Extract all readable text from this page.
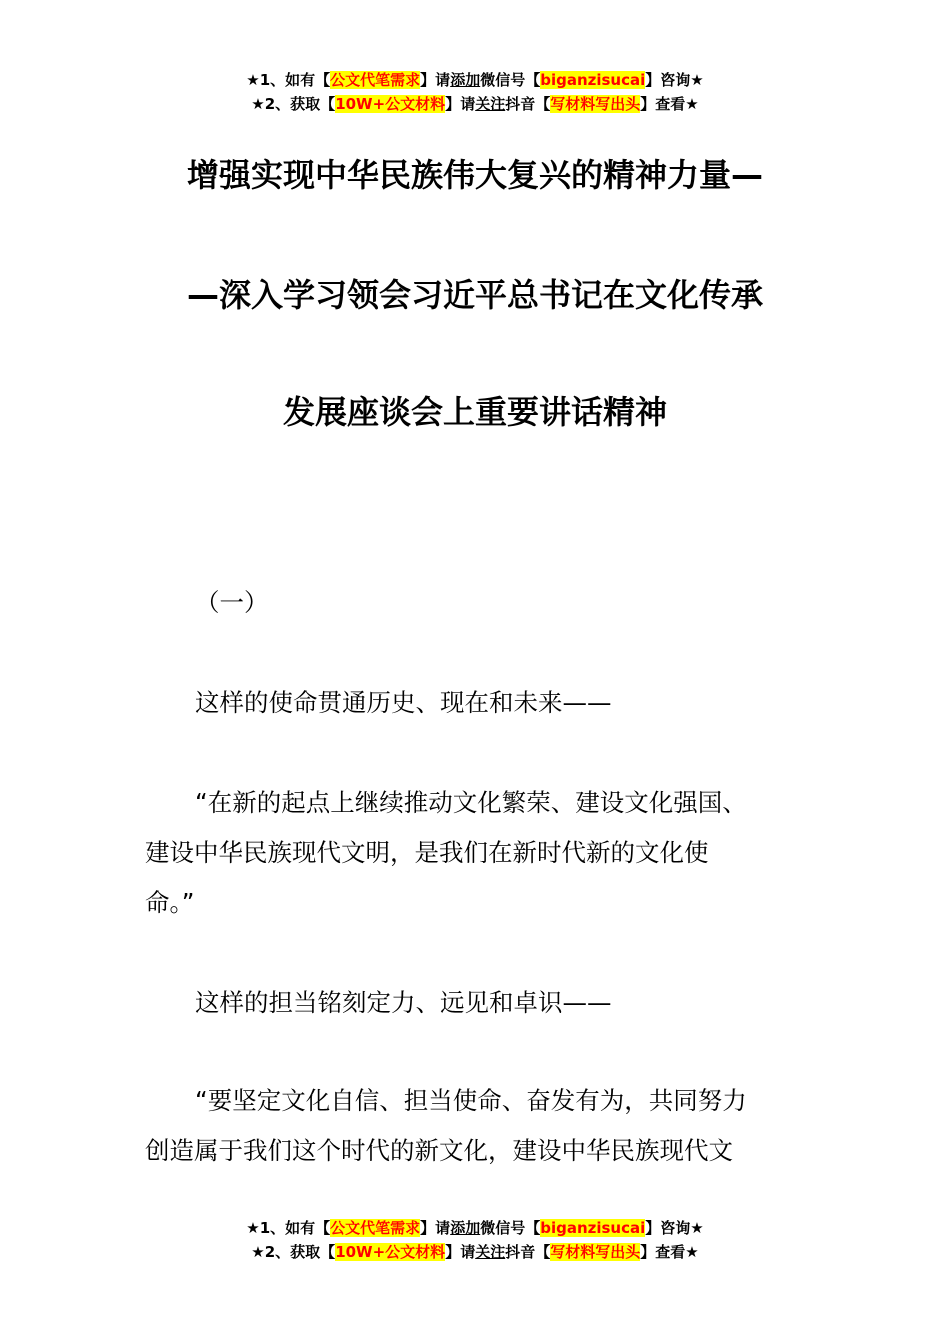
★1、如有【公文代笔需求】请添加微信号【biganzisucai】咨询★
★2、获取【10W+公文材料】请关注抖音【写材料写出头】查看★
增强实现中华民族伟大复兴的精神力量—
—深入学习领会习近平总书记在文化传承
发展座谈会上重要讲话精神
（一）
这样的使命贯通历史、现在和未来——
“在新的起点上继续推动文化繁荣、建设文化强国、
建设中华民族现代文明，是我们在新时代新的文化使
命。”
这样的担当铭刻定力、远见和卓识——
“要坚定文化自信、担当使命、奋发有为，共同努力
创造属于我们这个时代的新文化，建设中华民族现代文
★1、如有【公文代笔需求】请添加微信号【biganzisucai】咨询★
★2、获取【10W+公文材料】请关注抖音【写材料写出头】查看★
